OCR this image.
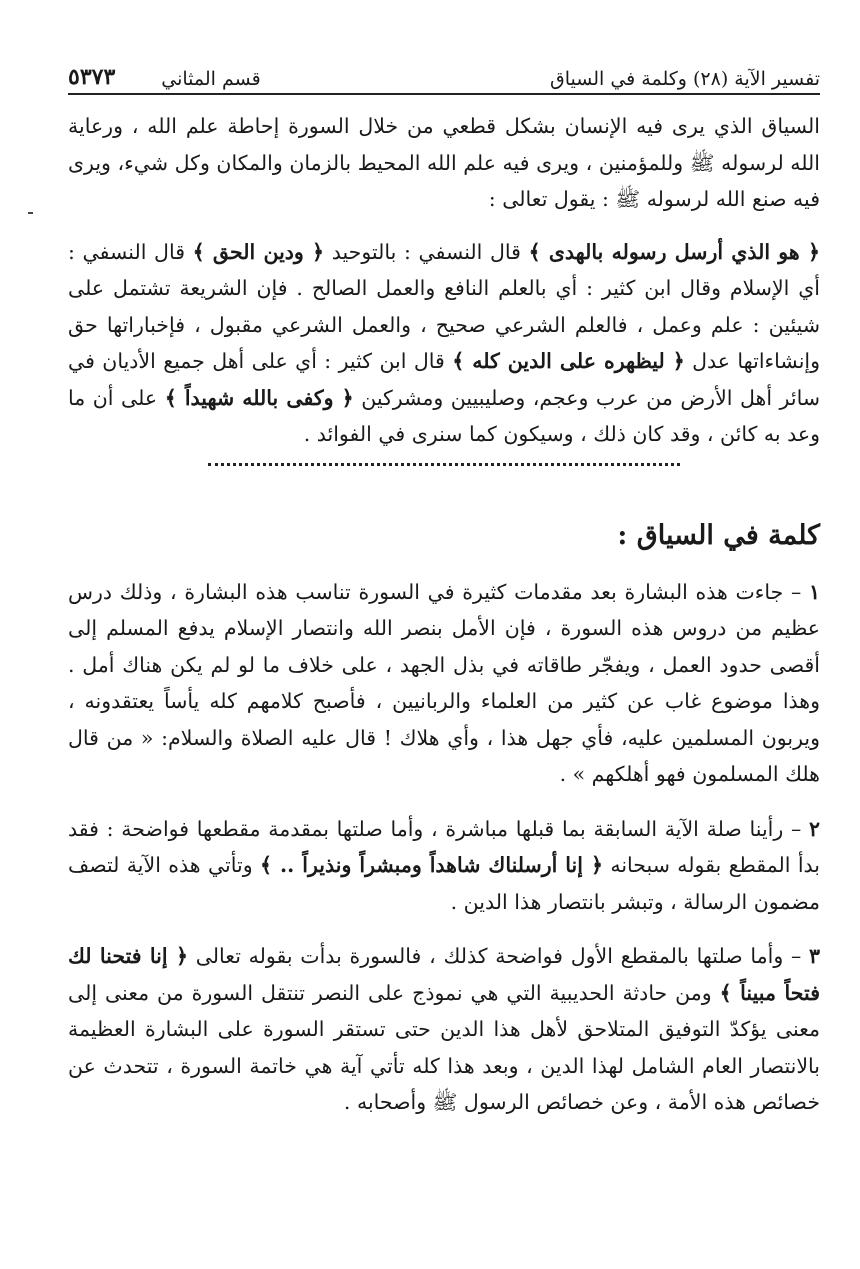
تفسير الآية (٢٨) وكلمة في السياق
قسم المثاني
٥٣٧٣

السياق الذي يرى فيه الإنسان بشكل قطعي من خلال السورة إحاطة علم الله ، ورعاية الله لرسوله ﷺ وللمؤمنين ، ويرى فيه علم الله المحيط بالزمان والمكان وكل شيء، ويرى فيه صنع الله لرسوله ﷺ : يقول تعالى :

﴿ هو الذي أرسل رسوله بالهدى ﴾ قال النسفي : بالتوحيد ﴿ ودين الحق ﴾ قال النسفي : أي الإسلام وقال ابن كثير : أي بالعلم النافع والعمل الصالح . فإن الشريعة تشتمل على شيئين : علم وعمل ، فالعلم الشرعي صحيح ، والعمل الشرعي مقبول ، فإخباراتها حق وإنشاءاتها عدل ﴿ ليظهره على الدين كله ﴾ قال ابن كثير : أي على أهل جميع الأديان في سائر أهل الأرض من عرب وعجم، وصليبيين ومشركين ﴿ وكفى بالله شهيداً ﴾ على أن ما وعد به كائن ، وقد كان ذلك ، وسيكون كما سنرى في الفوائد .

كلمة في السياق :

١ – جاءت هذه البشارة بعد مقدمات كثيرة في السورة تناسب هذه البشارة ، وذلك درس عظيم من دروس هذه السورة ، فإن الأمل بنصر الله وانتصار الإسلام يدفع المسلم إلى أقصى حدود العمل ، ويفجّر طاقاته في بذل الجهد ، على خلاف ما لو لم يكن هناك أمل . وهذا موضوع غاب عن كثير من العلماء والربانيين ، فأصبح كلامهم كله يأساً يعتقدونه ، ويربون المسلمين عليه، فأي جهل هذا ، وأي هلاك ! قال عليه الصلاة والسلام: « من قال هلك المسلمون فهو أهلكهم » .

٢ – رأينا صلة الآية السابقة بما قبلها مباشرة ، وأما صلتها بمقدمة مقطعها فواضحة : فقد بدأ المقطع بقوله سبحانه ﴿ إنا أرسلناك شاهداً ومبشراً ونذيراً .. ﴾ وتأتي هذه الآية لتصف مضمون الرسالة ، وتبشر بانتصار هذا الدين .

٣ – وأما صلتها بالمقطع الأول فواضحة كذلك ، فالسورة بدأت بقوله تعالى ﴿ إنا فتحنا لك فتحاً مبيناً ﴾ ومن حادثة الحديبية التي هي نموذج على النصر تنتقل السورة من معنى إلى معنى يؤكدّ التوفيق المتلاحق لأهل هذا الدين حتى تستقر السورة على البشارة العظيمة بالانتصار العام الشامل لهذا الدين ، وبعد هذا كله تأتي آية هي خاتمة السورة ، تتحدث عن خصائص هذه الأمة ، وعن خصائص الرسول ﷺ وأصحابه .
